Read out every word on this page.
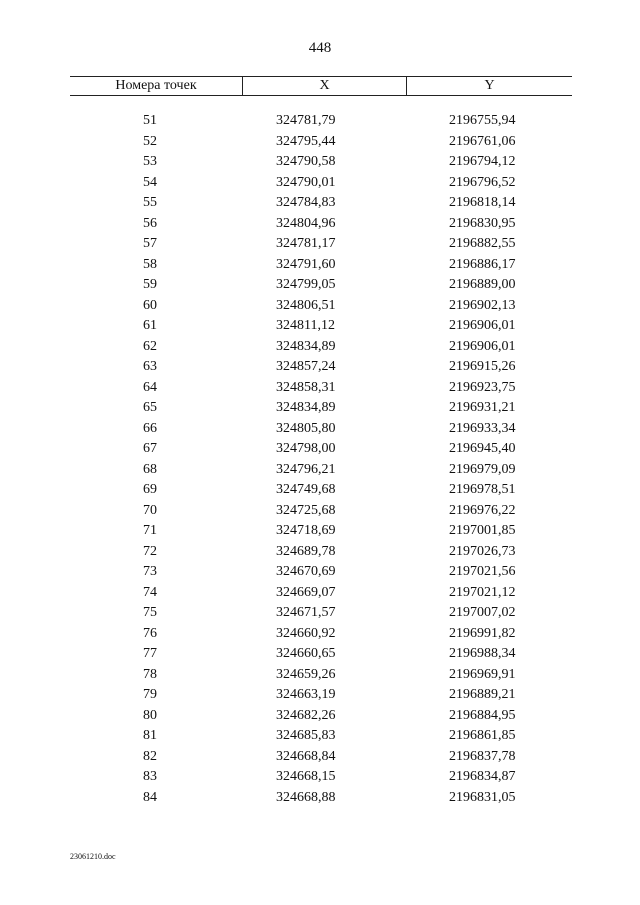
448
Номера точек	X	Y
51	324781,79	2196755,94
52	324795,44	2196761,06
53	324790,58	2196794,12
54	324790,01	2196796,52
55	324784,83	2196818,14
56	324804,96	2196830,95
57	324781,17	2196882,55
58	324791,60	2196886,17
59	324799,05	2196889,00
60	324806,51	2196902,13
61	324811,12	2196906,01
62	324834,89	2196906,01
63	324857,24	2196915,26
64	324858,31	2196923,75
65	324834,89	2196931,21
66	324805,80	2196933,34
67	324798,00	2196945,40
68	324796,21	2196979,09
69	324749,68	2196978,51
70	324725,68	2196976,22
71	324718,69	2197001,85
72	324689,78	2197026,73
73	324670,69	2197021,56
74	324669,07	2197021,12
75	324671,57	2197007,02
76	324660,92	2196991,82
77	324660,65	2196988,34
78	324659,26	2196969,91
79	324663,19	2196889,21
80	324682,26	2196884,95
81	324685,83	2196861,85
82	324668,84	2196837,78
83	324668,15	2196834,87
84	324668,88	2196831,05
23061210.doc
